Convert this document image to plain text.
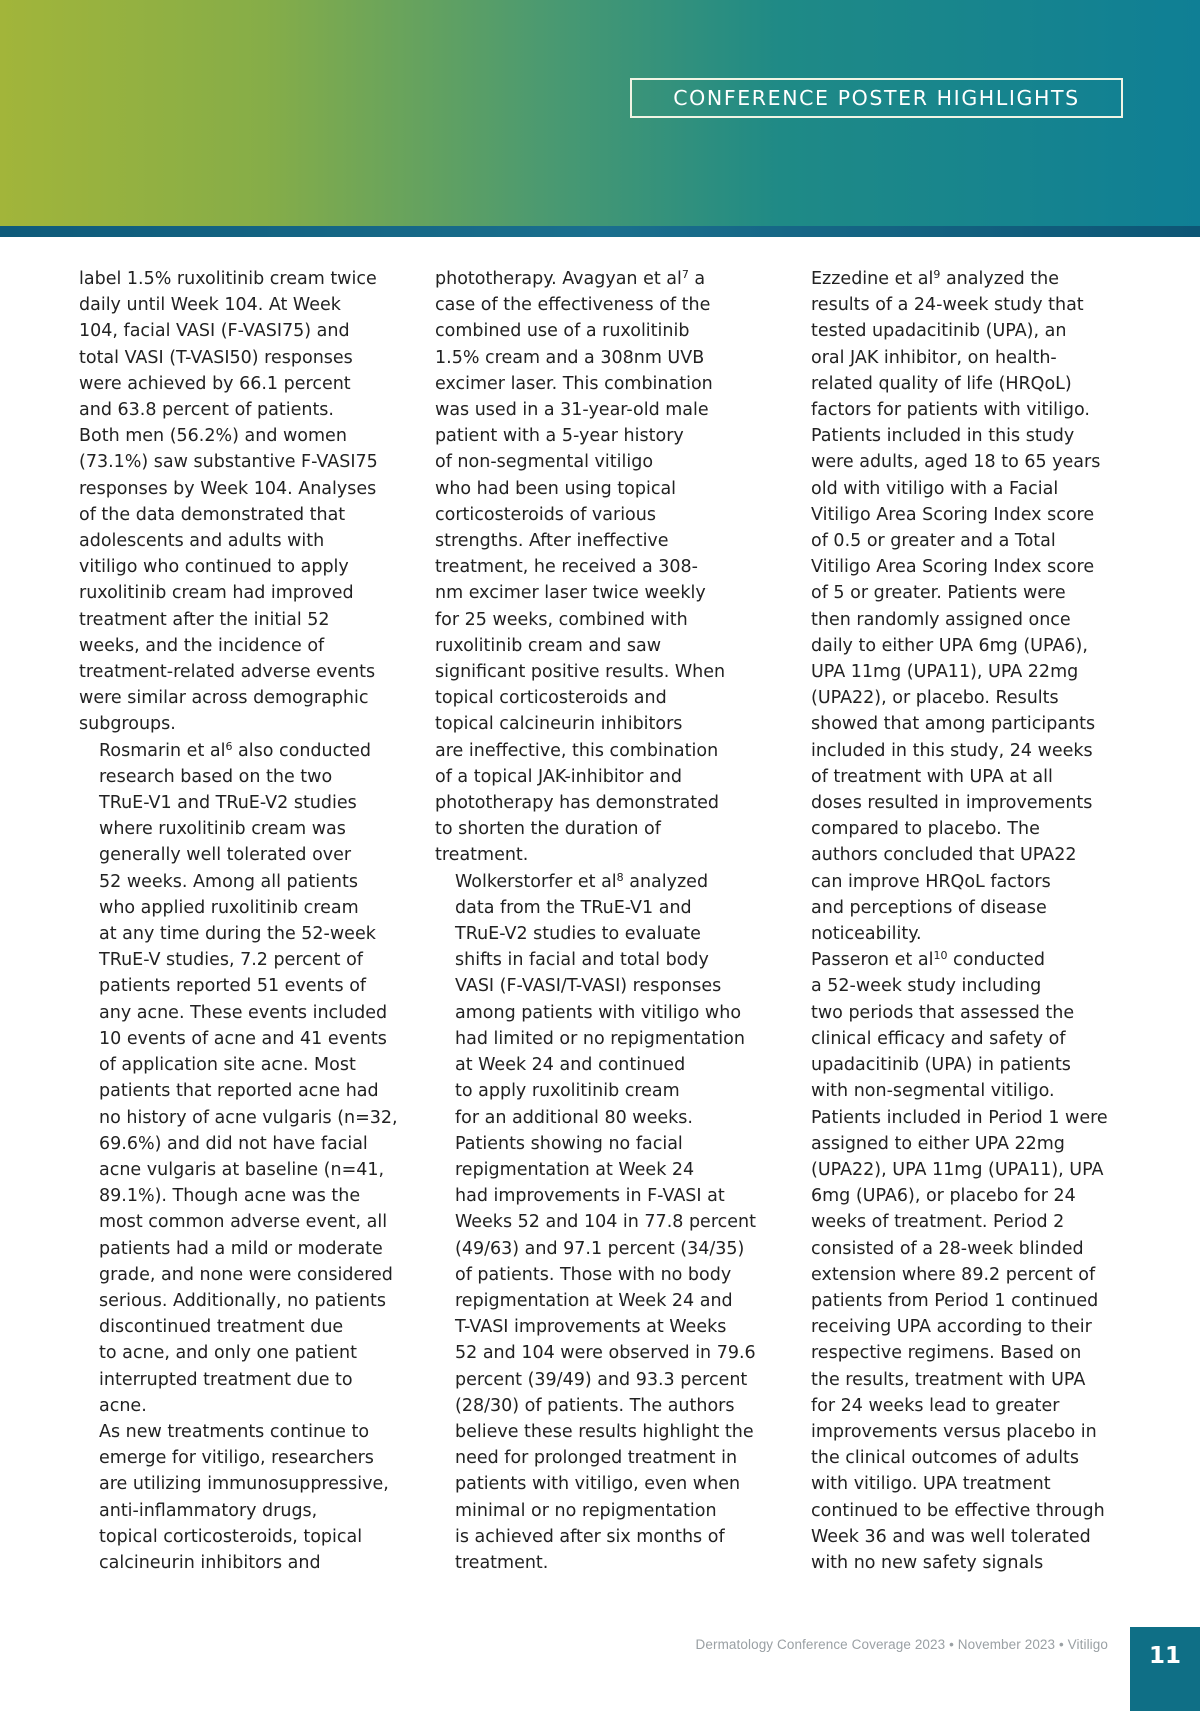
CONFERENCE POSTER HIGHLIGHTS

label 1.5% ruxolitinib cream twice
daily until Week 104. At Week
104, facial VASI (F-VASI75) and
total VASI (T-VASI50) responses
were achieved by 66.1 percent
and 63.8 percent of patients.
Both men (56.2%) and women
(73.1%) saw substantive F-VASI75
responses by Week 104. Analyses
of the data demonstrated that
adolescents and adults with
vitiligo who continued to apply
ruxolitinib cream had improved
treatment after the initial 52
weeks, and the incidence of
treatment-related adverse events
were similar across demographic
subgroups.

Rosmarin et $al^6$ also conducted
research based on the two
TRuE-V1 and TRuE-V2 studies
where ruxolitinib cream was
generally well tolerated over
52 weeks. Among all patients
who applied ruxolitinib cream
at any time during the 52-week
TRuE-V studies, 7.2 percent of
patients reported 51 events of
any acne. These events included
10 events of acne and 41 events
of application site acne. Most
patients that reported acne had
no history of acne vulgaris (n=32,
69.6%) and did not have facial
acne vulgaris at baseline (n=41,
89.1%). Though acne was the
most common adverse event, all
patients had a mild or moderate
grade, and none were considered
serious. Additionally, no patients
discontinued treatment due
to acne, and only one patient
interrupted treatment due to
acne.

As new treatments continue to
emerge for vitiligo, researchers
are utilizing immunosuppressive,
anti-inflammatory drugs,
topical corticosteroids, topical
calcineurin inhibitors and

phototherapy. Avagyan et $al^7$ a
case of the effectiveness of the
combined use of a ruxolitinib
1.5% cream and a 308nm UVB
excimer laser. This combination
was used in a 31-year-old male
patient with a 5-year history
of non-segmental vitiligo
who had been using topical
corticosteroids of various
strengths. After ineffective
treatment, he received a 308-
nm excimer laser twice weekly
for 25 weeks, combined with
ruxolitinib cream and saw
significant positive results. When
topical corticosteroids and
topical calcineurin inhibitors
are ineffective, this combination
of a topical JAK-inhibitor and
phototherapy has demonstrated
to shorten the duration of
treatment.

Wolkerstorfer et $al^8$ analyzed
data from the TRuE-V1 and
TRuE-V2 studies to evaluate
shifts in facial and total body
VASI (F-VASI/T-VASI) responses
among patients with vitiligo who
had limited or no repigmentation
at Week 24 and continued
to apply ruxolitinib cream
for an additional 80 weeks.
Patients showing no facial
repigmentation at Week 24
had improvements in F-VASI at
Weeks 52 and 104 in 77.8 percent
(49/63) and 97.1 percent (34/35)
of patients. Those with no body
repigmentation at Week 24 and
T-VASI improvements at Weeks
52 and 104 were observed in 79.6
percent (39/49) and 93.3 percent
(28/30) of patients. The authors
believe these results highlight the
need for prolonged treatment in
patients with vitiligo, even when
minimal or no repigmentation
is achieved after six months of
treatment.

Ezzedine et $al^9$ analyzed the
results of a 24-week study that
tested upadacitinib (UPA), an
oral JAK inhibitor, on health-
related quality of life (HRQoL)
factors for patients with vitiligo.
Patients included in this study
were adults, aged 18 to 65 years
old with vitiligo with a Facial
Vitiligo Area Scoring Index score
of 0.5 or greater and a Total
Vitiligo Area Scoring Index score
of 5 or greater. Patients were
then randomly assigned once
daily to either UPA 6mg (UPA6),
UPA 11mg (UPA11), UPA 22mg
(UPA22), or placebo. Results
showed that among participants
included in this study, 24 weeks
of treatment with UPA at all
doses resulted in improvements
compared to placebo. The
authors concluded that UPA22
can improve HRQoL factors
and perceptions of disease
noticeability.

Passeron et $al^{10}$ conducted
a 52-week study including
two periods that assessed the
clinical efficacy and safety of
upadacitinib (UPA) in patients
with non-segmental vitiligo.
Patients included in Period 1 were
assigned to either UPA 22mg
(UPA22), UPA 11mg (UPA11), UPA
6mg (UPA6), or placebo for 24
weeks of treatment. Period 2
consisted of a 28-week blinded
extension where 89.2 percent of
patients from Period 1 continued
receiving UPA according to their
respective regimens. Based on
the results, treatment with UPA
for 24 weeks lead to greater
improvements versus placebo in
the clinical outcomes of adults
with vitiligo. UPA treatment
continued to be effective through
Week 36 and was well tolerated
with no new safety signals

Dermatology Conference Coverage 2023 • November 2023 • Vitiligo	11
